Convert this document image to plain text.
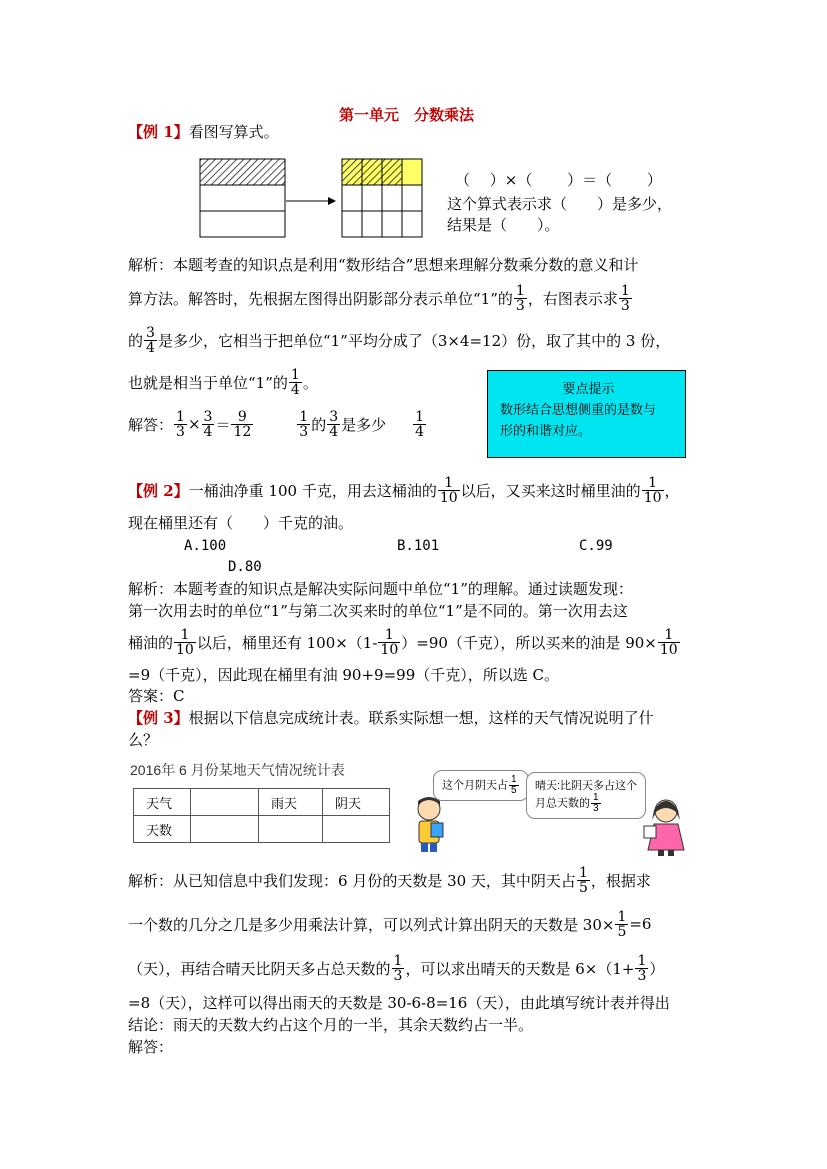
第一单元　分数乘法
【例 1】看图写算式。
（　 ）×（　　 ）＝（　　 ）
这个算式表示求（　　）是多少，
结果是（　　）。
解析：本题考查的知识点是利用“数形结合”思想来理解分数乘分数的意义和计
算方法。解答时，先根据左图得出阴影部分表示单位“1”的 $\frac{1}{3}$ ，右图表示求 $\frac{1}{3}$
的 $\frac{3}{4}$ 是多少，它相当于把单位“1”平均分成了（3×4=12）份，取了其中的 3 份，
也就是相当于单位“1”的 $\frac{1}{4}$ 。
解答： $\frac{1}{3} \times \frac{3}{4} = \frac{9}{12}$	$\frac{1}{3}$ 的 $\frac{3}{4}$ 是多少 $\frac{1}{4}$
要点提示
数形结合思想侧重的是数与
形的和谐对应。
【例 2】 一桶油净重 100 千克，用去这桶油的 $\frac{1}{10}$ 以后，又买来这时桶里油的 $\frac{1}{10}$ ，
现在桶里还有（　　）千克的油。
A.100	B.101	C.99
D.80
解析：本题考查的知识点是解决实际问题中单位“1”的理解。通过读题发现：
第一次用去时的单位“1”与第二次买来时的单位“1”是不同的。第一次用去这
桶油的 $\frac{1}{10}$ 以后，桶里还有 $100\times(1- \frac{1}{10} )=90$（千克），所以买来的油是 $90\times \frac{1}{10}$
=9（千克），因此现在桶里有油 90+9=99（千克），所以选 C。
答案：C
【例 3】根据以下信息完成统计表。联系实际想一想，这样的天气情况说明了什
么？
2016年 6 月份某地天气情况统计表
天气		雨天	阴天
天数			
这个月阴天占 $\frac{1}{5}$ 晴天:比阴天多占这个
月总天数的 $\frac{1}{3}$
解析：从已知信息中我们发现：6 月份的天数是 30 天，其中阴天占 $\frac{1}{5}$ ，根据求
一个数的几分之几是多少用乘法计算，可以列式计算出阴天的天数是 $30\times \frac{1}{5} =6$
（天），再结合晴天比阴天多占总天数的 $\frac{1}{3}$ ，可以求出晴天的天数是 $6\times(1+ \frac{1}{3}$ ）
=8（天），这样可以得出雨天的天数是 30-6-8=16（天），由此填写统计表并得出
结论：雨天的天数大约占这个月的一半，其余天数约占一半。
解答：
